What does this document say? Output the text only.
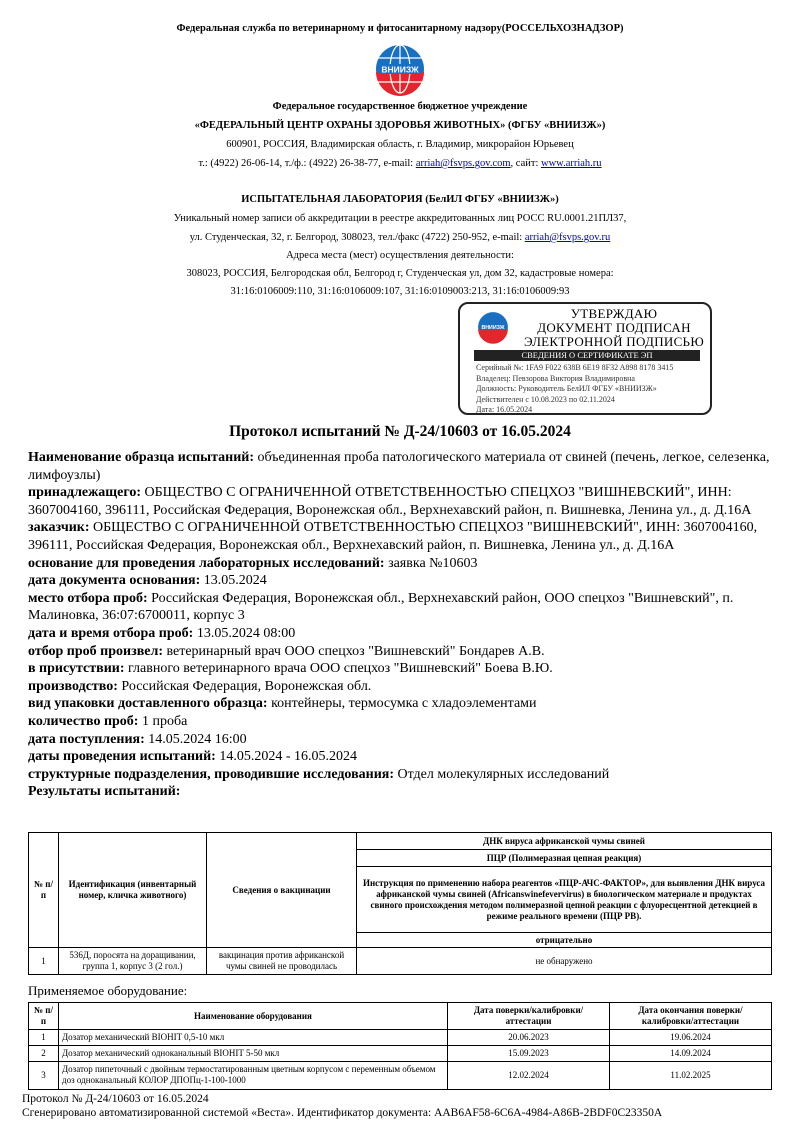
Федеральная служба по ветеринарному и фитосанитарному надзору(РОССЕЛЬХОЗНАДЗОР)
ВНИИЗЖ
Федеральное государственное бюджетное учреждение
«ФЕДЕРАЛЬНЫЙ ЦЕНТР ОХРАНЫ ЗДОРОВЬЯ ЖИВОТНЫХ» (ФГБУ «ВНИИЗЖ»)
600901, РОССИЯ, Владимирская область, г. Владимир, микрорайон Юрьевец
т.: (4922) 26-06-14, т./ф.: (4922) 26-38-77, e-mail: arriah@fsvps.gov.com, сайт: www.arriah.ru
ИСПЫТАТЕЛЬНАЯ ЛАБОРАТОРИЯ (БелИЛ ФГБУ «ВНИИЗЖ»)
Уникальный номер записи об аккредитации в реестре аккредитованных лиц РОСС RU.0001.21ПЛ37,
ул. Студенческая, 32, г. Белгород, 308023, тел./факс (4722) 250-952, e-mail: arriah@fsvps.gov.ru
Адреса места (мест) осуществления деятельности:
308023, РОССИЯ, Белгородская обл, Белгород г, Студенческая ул, дом 32, кадастровые номера:
31:16:0106009:110, 31:16:0106009:107, 31:16:0109003:213, 31:16:0106009:93
ВНИИЗЖ
УТВЕРЖДАЮ
ДОКУМЕНТ ПОДПИСАН
ЭЛЕКТРОННОЙ ПОДПИСЬЮ
СВЕДЕНИЯ О СЕРТИФИКАТЕ ЭП
Серийный №: 1FA9 F022 638B 6E19 8F32 A898 8178 3415
Владелец: Певзорова Виктория Владимировна
Должность: Руководитель БелИЛ ФГБУ «ВНИИЗЖ»
Действителен с 10.08.2023 по 02.11.2024
Дата: 16.05.2024
Протокол испытаний № Д-24/10603 от 16.05.2024
Наименование образца испытаний: объединенная проба патологического материала от свиней (печень, легкое, селезенка, лимфоузлы)
принадлежащего: ОБЩЕСТВО С ОГРАНИЧЕННОЙ ОТВЕТСТВЕННОСТЬЮ СПЕЦХОЗ "ВИШНЕВСКИЙ", ИНН: 3607004160, 396111, Российская Федерация, Воронежская обл., Верхнехавский район, п. Вишневка, Ленина ул., д. Д.16А
заказчик: ОБЩЕСТВО С ОГРАНИЧЕННОЙ ОТВЕТСТВЕННОСТЬЮ СПЕЦХОЗ "ВИШНЕВСКИЙ", ИНН: 3607004160, 396111, Российская Федерация, Воронежская обл., Верхнехавский район, п. Вишневка, Ленина ул., д. Д.16А
основание для проведения лабораторных исследований: заявка №10603
дата документа основания: 13.05.2024
место отбора проб: Российская Федерация, Воронежская обл., Верхнехавский район, ООО спецхоз "Вишневский", п. Малиновка, 36:07:6700011, корпус 3
дата и время отбора проб: 13.05.2024 08:00
отбор проб произвел: ветеринарный врач ООО спецхоз "Вишневский" Бондарев А.В.
в присутствии: главного ветеринарного врача ООО спецхоз "Вишневский" Боева В.Ю.
производство: Российская Федерация, Воронежская обл.
вид упаковки доставленного образца: контейнеры, термосумка с хладоэлементами
количество проб: 1 проба
дата поступления: 14.05.2024 16:00
даты проведения испытаний: 14.05.2024 - 16.05.2024
структурные подразделения, проводившие исследования: Отдел молекулярных исследований
Результаты испытаний:
№ п/п	Идентификация (инвентарный номер, кличка животного)	Сведения о вакцинации	ДНК вируса африканской чумы свиней
			ПЦР (Полимеразная цепная реакция)
			Инструкция по применению набора реагентов «ПЦР-АЧС-ФАКТОР», для выявления ДНК вируса африканской чумы свиней (Africanswinefevervirus) в биологическом материале и продуктах свиного происхождения методом полимеразной цепной реакции с флуоресцентной детекцией в режиме реального времени (ПЦР РВ).
			отрицательно
1	536Д, поросята на доращивании, группа 1, корпус 3 (2 гол.)	вакцинация против африканской чумы свиней не проводилась	не обнаружено
Применяемое оборудование:
№ п/п	Наименование оборудования	Дата поверки/калибровки/аттестации	Дата окончания поверки/калибровки/аттестации
1	Дозатор механический BIOHIT 0,5-10 мкл	20.06.2023	19.06.2024
2	Дозатор механический одноканальный BIOHIT 5-50 мкл	15.09.2023	14.09.2024
3	Дозатор пипеточный с двойным термостатированным цветным корпусом с переменным объемом доз одноканальный КОЛОР ДПОПц-1-100-1000	12.02.2024	11.02.2025
Протокол № Д-24/10603 от 16.05.2024
Сгенерировано автоматизированной системой «Веста». Идентификатор документа: AAB6AF58-6C6A-4984-A86B-2BDF0C23350A
